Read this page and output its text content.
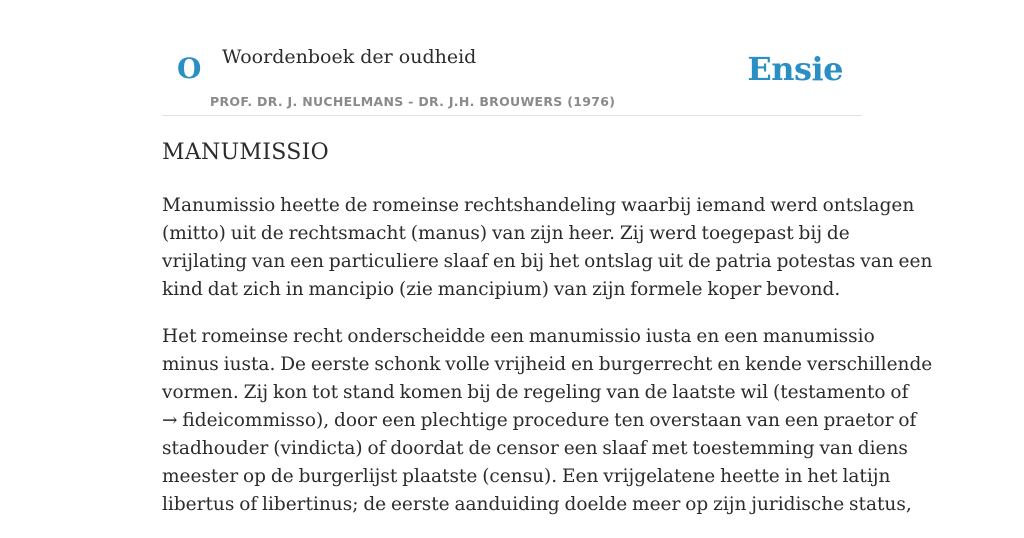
O Woordenboek der oudheid
PROF. DR. J. NUCHELMANS - DR. J.H. BROUWERS (1976)
Ensie
MANUMISSIO

Manumissio heette de romeinse rechtshandeling waarbij iemand werd ontslagen
(mitto) uit de rechtsmacht (manus) van zijn heer. Zij werd toegepast bij de
vrijlating van een particuliere slaaf en bij het ontslag uit de patria potestas van een
kind dat zich in mancipio (zie mancipium) van zijn formele koper bevond.

Het romeinse recht onderscheidde een manumissio iusta en een manumissio
minus iusta. De eerste schonk volle vrijheid en burgerrecht en kende verschillende
vormen. Zij kon tot stand komen bij de regeling van de laatste wil (testamento of
→ fideicommisso), door een plechtige procedure ten overstaan van een praetor of
stadhouder (vindicta) of doordat de censor een slaaf met toestemming van diens
meester op de burgerlijst plaatste (censu). Een vrijgelatene heette in het latijn
libertus of libertinus; de eerste aanduiding doelde meer op zijn juridische status,
